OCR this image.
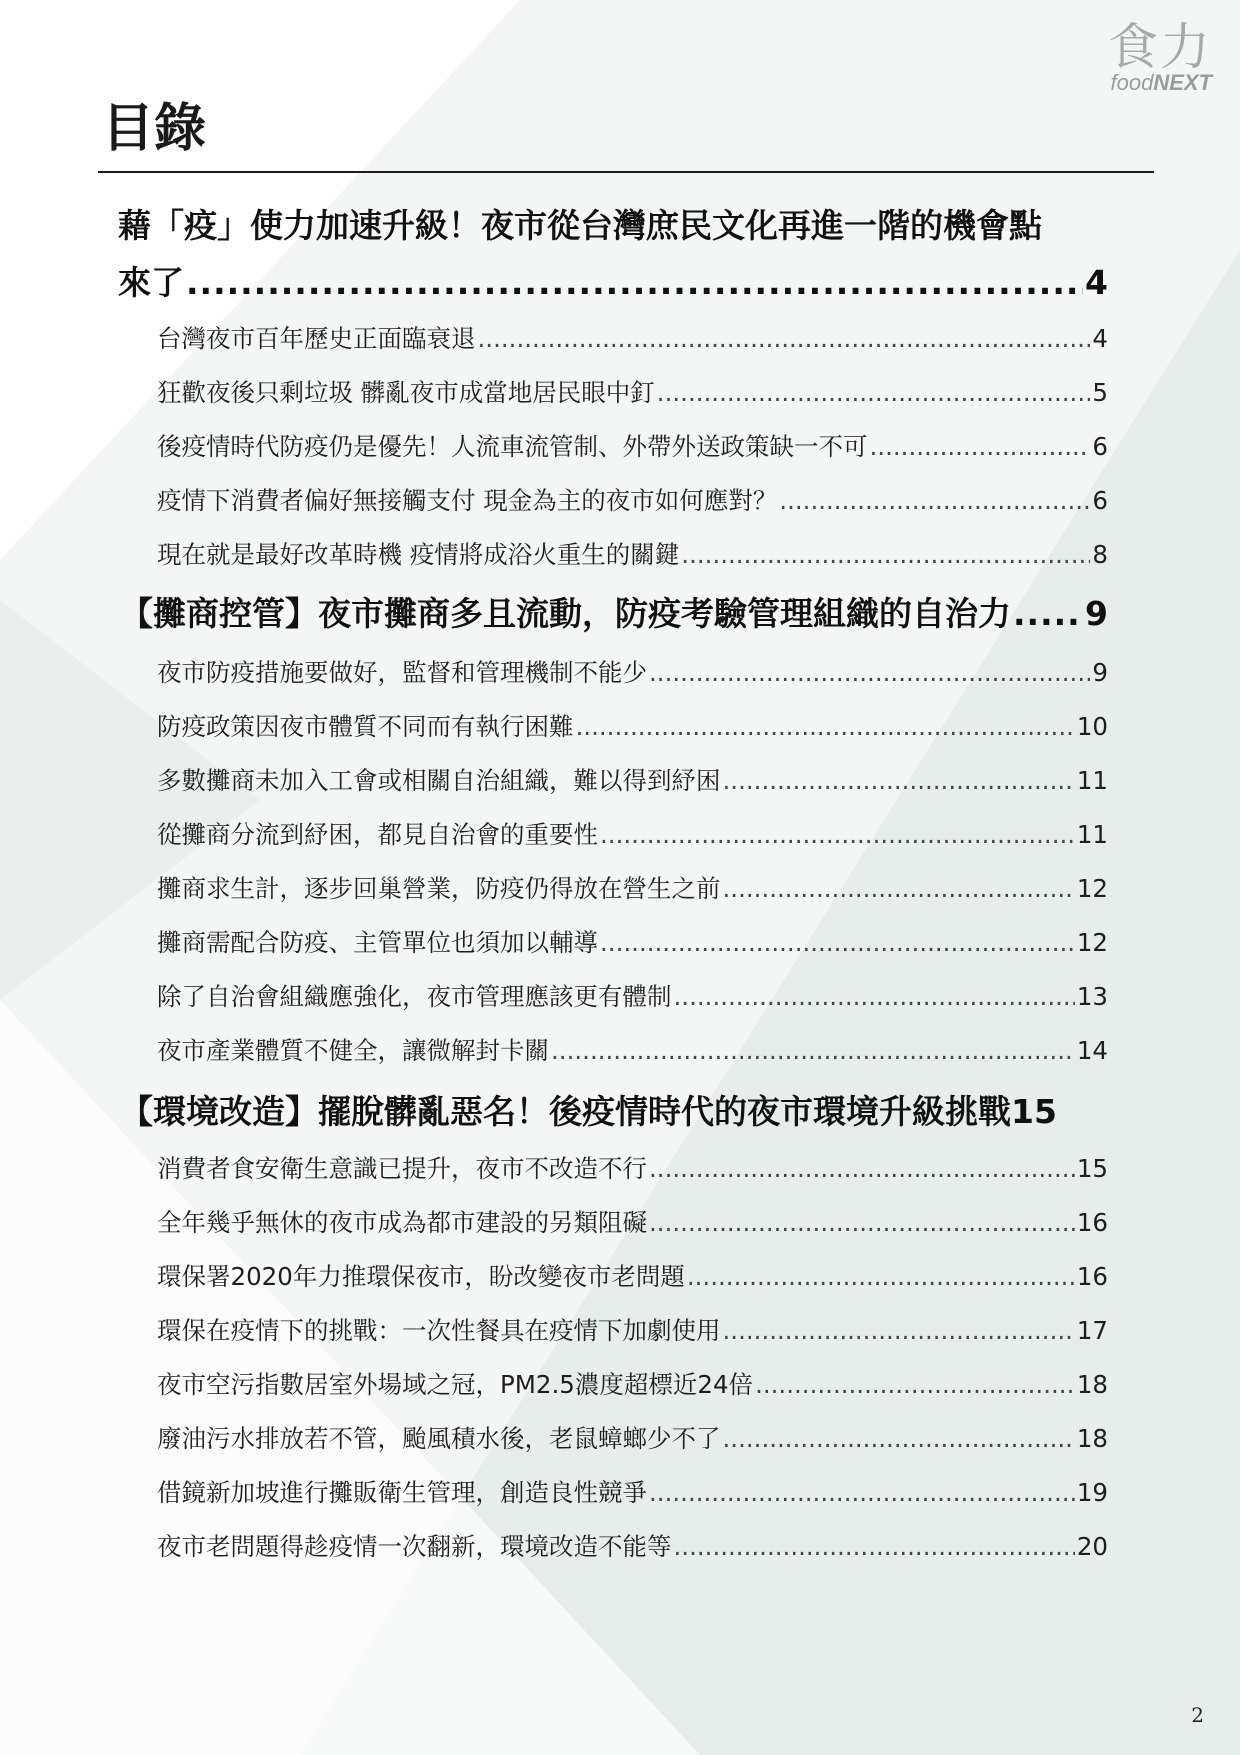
食力
foodNEXT
目錄
藉「疫」使力加速升級！夜市從台灣庶民文化再進一階的機會點
來了 .....	4
台灣夜市百年歷史正面臨衰退 .....	4
狂歡夜後只剩垃圾 髒亂夜市成當地居民眼中釘 .....	5
後疫情時代防疫仍是優先！人流車流管制、外帶外送政策缺一不可 .....	6
疫情下消費者偏好無接觸支付 現金為主的夜市如何應對？ .....	6
現在就是最好改革時機 疫情將成浴火重生的關鍵 .....	8
【攤商控管】夜市攤商多且流動，防疫考驗管理組織的自治力 ..... 9
夜市防疫措施要做好，監督和管理機制不能少 .....	9
防疫政策因夜市體質不同而有執行困難 .....	10
多數攤商未加入工會或相關自治組織，難以得到紓困 .....	11
從攤商分流到紓困，都見自治會的重要性 .....	11
攤商求生計，逐步回巢營業，防疫仍得放在營生之前 .....	12
攤商需配合防疫、主管單位也須加以輔導 .....	12
除了自治會組織應強化，夜市管理應該更有體制 .....	13
夜市產業體質不健全，讓微解封卡關 .....	14
【環境改造】擺脫髒亂惡名！後疫情時代的夜市環境升級挑戰 15
消費者食安衛生意識已提升，夜市不改造不行 .....	15
全年幾乎無休的夜市成為都市建設的另類阻礙 .....	16
環保署2020年力推環保夜市，盼改變夜市老問題 .....	16
環保在疫情下的挑戰：一次性餐具在疫情下加劇使用 .....	17
夜市空污指數居室外場域之冠，PM2.5濃度超標近24倍 .....	18
廢油污水排放若不管，颱風積水後，老鼠蟑螂少不了 .....	18
借鏡新加坡進行攤販衛生管理，創造良性競爭 .....	19
夜市老問題得趁疫情一次翻新，環境改造不能等 .....	20
2
